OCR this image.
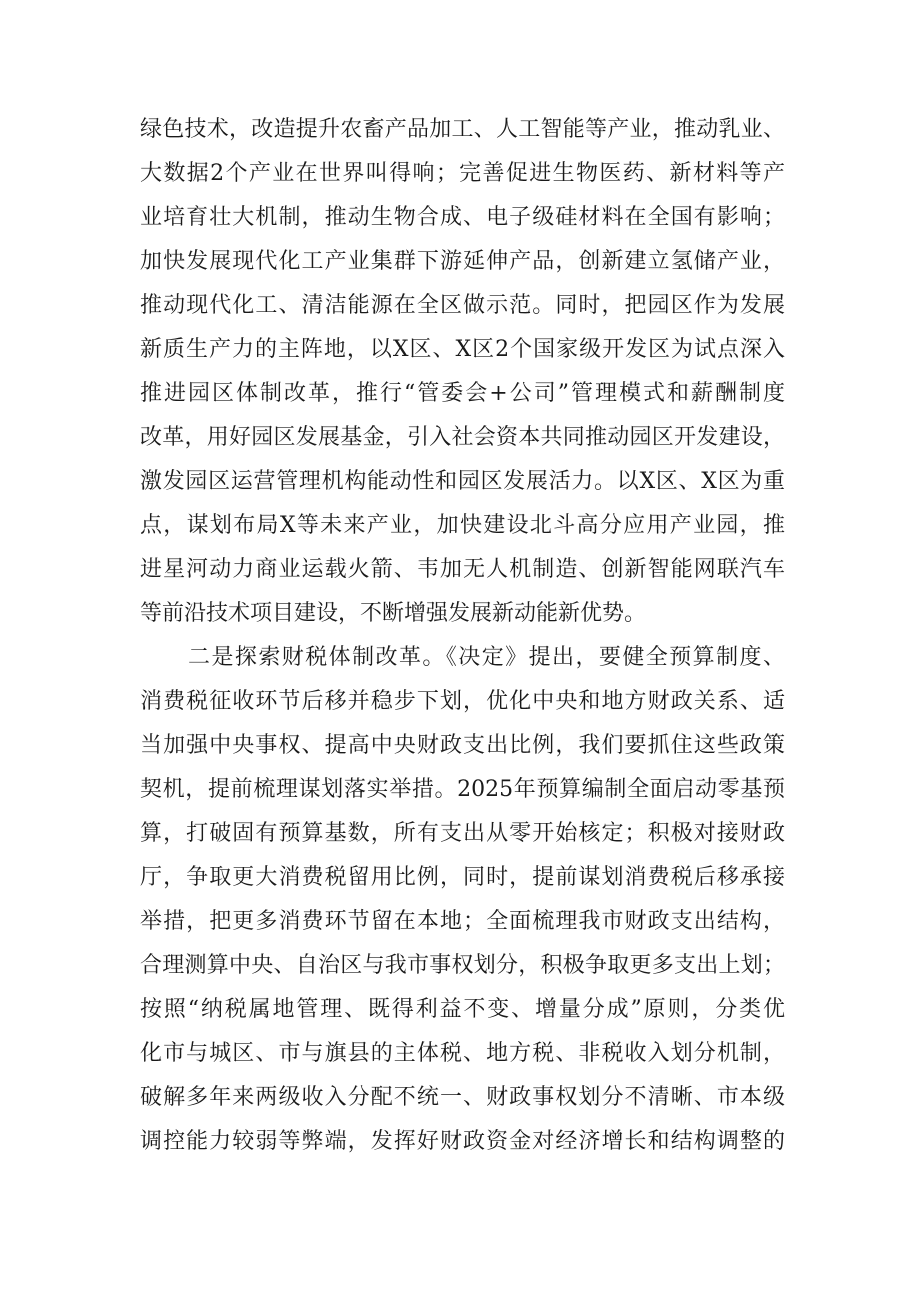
绿色技术，改造提升农畜产品加工、人工智能等产业，推动乳业、
大数据2个产业在世界叫得响；完善促进生物医药、新材料等产
业培育壮大机制，推动生物合成、电子级硅材料在全国有影响；
加快发展现代化工产业集群下游延伸产品，创新建立氢储产业，
推动现代化工、清洁能源在全区做示范。同时，把园区作为发展
新质生产力的主阵地，以X区、X区2个国家级开发区为试点深入
推进园区体制改革，推行“管委会+公司”管理模式和薪酬制度
改革，用好园区发展基金，引入社会资本共同推动园区开发建设，
激发园区运营管理机构能动性和园区发展活力。以X区、X区为重
点，谋划布局X等未来产业，加快建设北斗高分应用产业园，推
进星河动力商业运载火箭、韦加无人机制造、创新智能网联汽车
等前沿技术项目建设，不断增强发展新动能新优势。
二是探索财税体制改革。《决定》提出，要健全预算制度、
消费税征收环节后移并稳步下划，优化中央和地方财政关系、适
当加强中央事权、提高中央财政支出比例，我们要抓住这些政策
契机，提前梳理谋划落实举措。2025年预算编制全面启动零基预
算，打破固有预算基数，所有支出从零开始核定；积极对接财政
厅，争取更大消费税留用比例，同时，提前谋划消费税后移承接
举措，把更多消费环节留在本地；全面梳理我市财政支出结构，
合理测算中央、自治区与我市事权划分，积极争取更多支出上划；
按照“纳税属地管理、既得利益不变、增量分成”原则，分类优
化市与城区、市与旗县的主体税、地方税、非税收入划分机制，
破解多年来两级收入分配不统一、财政事权划分不清晰、市本级
调控能力较弱等弊端，发挥好财政资金对经济增长和结构调整的
